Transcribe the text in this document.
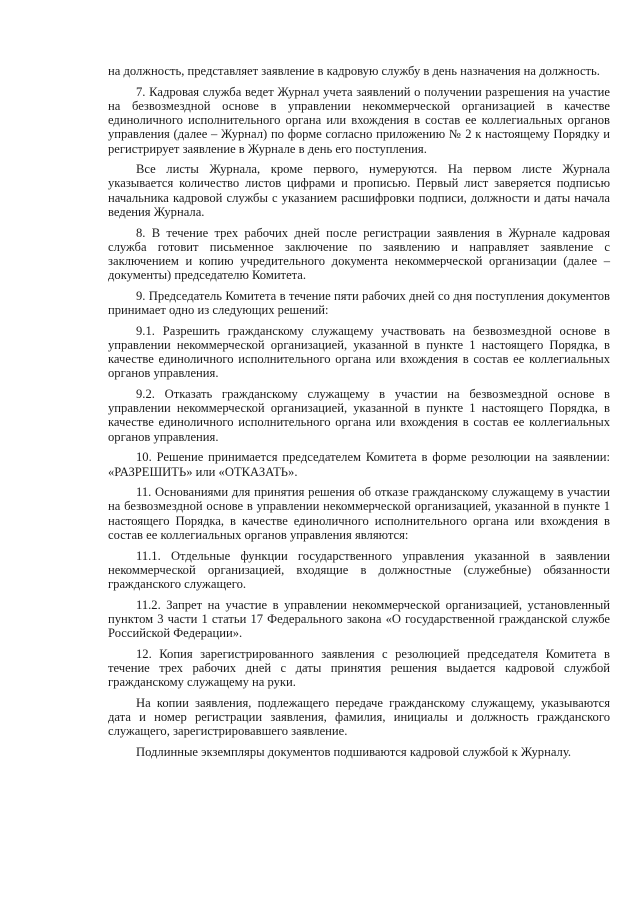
на должность, представляет заявление в кадровую службу в день назначения на должность.

7. Кадровая служба ведет Журнал учета заявлений о получении разрешения на участие на безвозмездной основе в управлении некоммерческой организацией в качестве единоличного исполнительного органа или вхождения в состав ее коллегиальных органов управления (далее – Журнал) по форме согласно приложению № 2 к настоящему Порядку и регистрирует заявление в Журнале в день его поступления.

Все листы Журнала, кроме первого, нумеруются. На первом листе Журнала указывается количество листов цифрами и прописью. Первый лист заверяется подписью начальника кадровой службы с указанием расшифровки подписи, должности и даты начала ведения Журнала.

8. В течение трех рабочих дней после регистрации заявления в Журнале кадровая служба готовит письменное заключение по заявлению и направляет заявление с заключением и копию учредительного документа некоммерческой организации (далее – документы) председателю Комитета.

9. Председатель Комитета в течение пяти рабочих дней со дня поступления документов принимает одно из следующих решений:

9.1. Разрешить гражданскому служащему участвовать на безвозмездной основе в управлении некоммерческой организацией, указанной в пункте 1 настоящего Порядка, в качестве единоличного исполнительного органа или вхождения в состав ее коллегиальных органов управления.

9.2. Отказать гражданскому служащему в участии на безвозмездной основе в управлении некоммерческой организацией, указанной в пункте 1 настоящего Порядка, в качестве единоличного исполнительного органа или вхождения в состав ее коллегиальных органов управления.

10. Решение принимается председателем Комитета в форме резолюции на заявлении: «РАЗРЕШИТЬ» или «ОТКАЗАТЬ».

11. Основаниями для принятия решения об отказе гражданскому служащему в участии на безвозмездной основе в управлении некоммерческой организацией, указанной в пункте 1 настоящего Порядка, в качестве единоличного исполнительного органа или вхождения в состав ее коллегиальных органов управления являются:

11.1. Отдельные функции государственного управления указанной в заявлении некоммерческой организацией, входящие в должностные (служебные) обязанности гражданского служащего.

11.2. Запрет на участие в управлении некоммерческой организацией, установленный пунктом 3 части 1 статьи 17 Федерального закона «О государственной гражданской службе Российской Федерации».

12. Копия зарегистрированного заявления с резолюцией председателя Комитета в течение трех рабочих дней с даты принятия решения выдается кадровой службой гражданскому служащему на руки.

На копии заявления, подлежащего передаче гражданскому служащему, указываются дата и номер регистрации заявления, фамилия, инициалы и должность гражданского служащего, зарегистрировавшего заявление.

Подлинные экземпляры документов подшиваются кадровой службой к Журналу.
